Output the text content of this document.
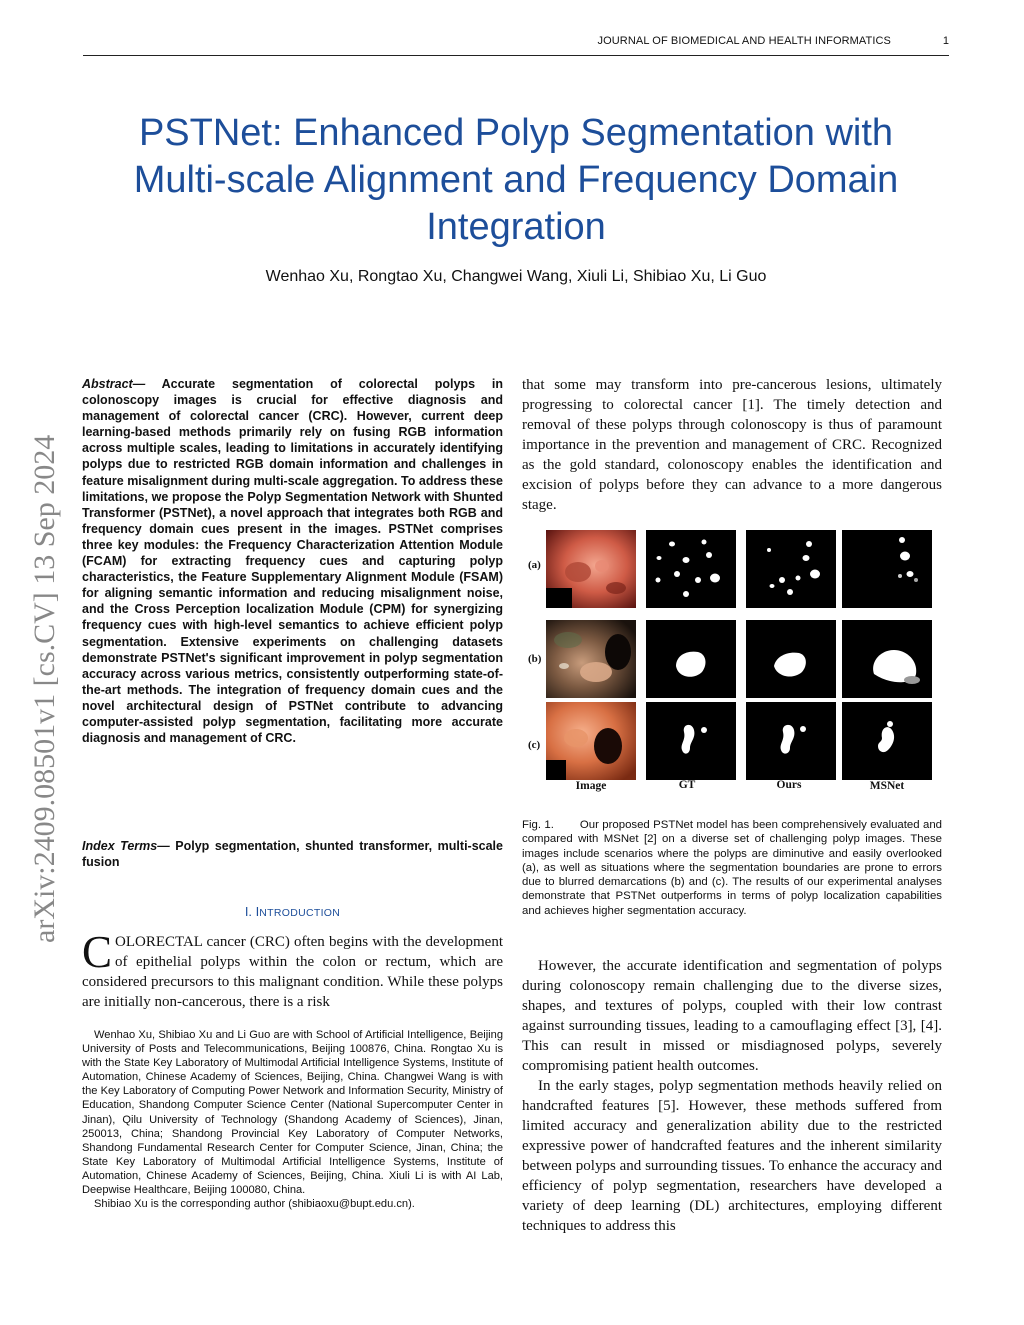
JOURNAL OF BIOMEDICAL AND HEALTH INFORMATICS	1
PSTNet: Enhanced Polyp Segmentation with
Multi-scale Alignment and Frequency Domain
Integration
Wenhao Xu, Rongtao Xu, Changwei Wang, Xiuli Li, Shibiao Xu, Li Guo
arXiv:2409.08501v1 [cs.CV] 13 Sep 2024
Abstract— Accurate segmentation of colorectal polyps in colonoscopy images is crucial for effective diagnosis and management of colorectal cancer (CRC). However, current deep learning-based methods primarily rely on fusing RGB information across multiple scales, leading to limitations in accurately identifying polyps due to restricted RGB domain information and challenges in feature misalignment during multi-scale aggregation. To address these limitations, we propose the Polyp Segmentation Network with Shunted Transformer (PSTNet), a novel approach that integrates both RGB and frequency domain cues present in the images. PSTNet comprises three key modules: the Frequency Characterization Attention Module (FCAM) for extracting frequency cues and capturing polyp characteristics, the Feature Supplementary Alignment Module (FSAM) for aligning semantic information and reducing misalignment noise, and the Cross Perception localization Module (CPM) for synergizing frequency cues with high-level semantics to achieve efficient polyp segmentation. Extensive experiments on challenging datasets demonstrate PSTNet's significant improvement in polyp segmentation accuracy across various metrics, consistently outperforming state-of-the-art methods. The integration of frequency domain cues and the novel architectural design of PSTNet contribute to advancing computer-assisted polyp segmentation, facilitating more accurate diagnosis and management of CRC.
Index Terms— Polyp segmentation, shunted transformer, multi-scale fusion
I. INTRODUCTION
COLORECTAL cancer (CRC) often begins with the development of epithelial polyps within the colon or rectum, which are considered precursors to this malignant condition. While these polyps are initially non-cancerous, there is a risk

Wenhao Xu, Shibiao Xu and Li Guo are with School of Artificial Intelligence, Beijing University of Posts and Telecommunications, Beijing 100876, China. Rongtao Xu is with the State Key Laboratory of Multimodal Artificial Intelligence Systems, Institute of Automation, Chinese Academy of Sciences, Beijing, China. Changwei Wang is with the Key Laboratory of Computing Power Network and Information Security, Ministry of Education, Shandong Computer Science Center (National Supercomputer Center in Jinan), Qilu University of Technology (Shandong Academy of Sciences), Jinan, 250013, China; Shandong Provincial Key Laboratory of Computer Networks, Shandong Fundamental Research Center for Computer Science, Jinan, China; the State Key Laboratory of Multimodal Artificial Intelligence Systems, Institute of Automation, Chinese Academy of Sciences, Beijing, China. Xiuli Li is with AI Lab, Deepwise Healthcare, Beijing 100080, China.

Shibiao Xu is the corresponding author (shibiaoxu@bupt.edu.cn).

that some may transform into pre-cancerous lesions, ultimately progressing to colorectal cancer [1]. The timely detection and removal of these polyps through colonoscopy is thus of paramount importance in the prevention and management of CRC. Recognized as the gold standard, colonoscopy enables the identification and excision of polyps before they can advance to a more dangerous stage.

(a)
(b)
(c)
Image	GT	Ours	MSNet
Fig. 1. Our proposed PSTNet model has been comprehensively evaluated and compared with MSNet [2] on a diverse set of challenging polyp images. These images include scenarios where the polyps are diminutive and easily overlooked (a), as well as situations where the segmentation boundaries are prone to errors due to blurred demarcations (b) and (c). The results of our experimental analyses demonstrate that PSTNet outperforms in terms of polyp localization capabilities and achieves higher segmentation accuracy.

However, the accurate identification and segmentation of polyps during colonoscopy remain challenging due to the diverse sizes, shapes, and textures of polyps, coupled with their low contrast against surrounding tissues, leading to a camouflaging effect [3], [4]. This can result in missed or misdiagnosed polyps, severely compromising patient health outcomes.

In the early stages, polyp segmentation methods heavily relied on handcrafted features [5]. However, these methods suffered from limited accuracy and generalization ability due to the restricted expressive power of handcrafted features and the inherent similarity between polyps and surrounding tissues. To enhance the accuracy and efficiency of polyp segmentation, researchers have developed a variety of deep learning (DL) architectures, employing different techniques to address this
